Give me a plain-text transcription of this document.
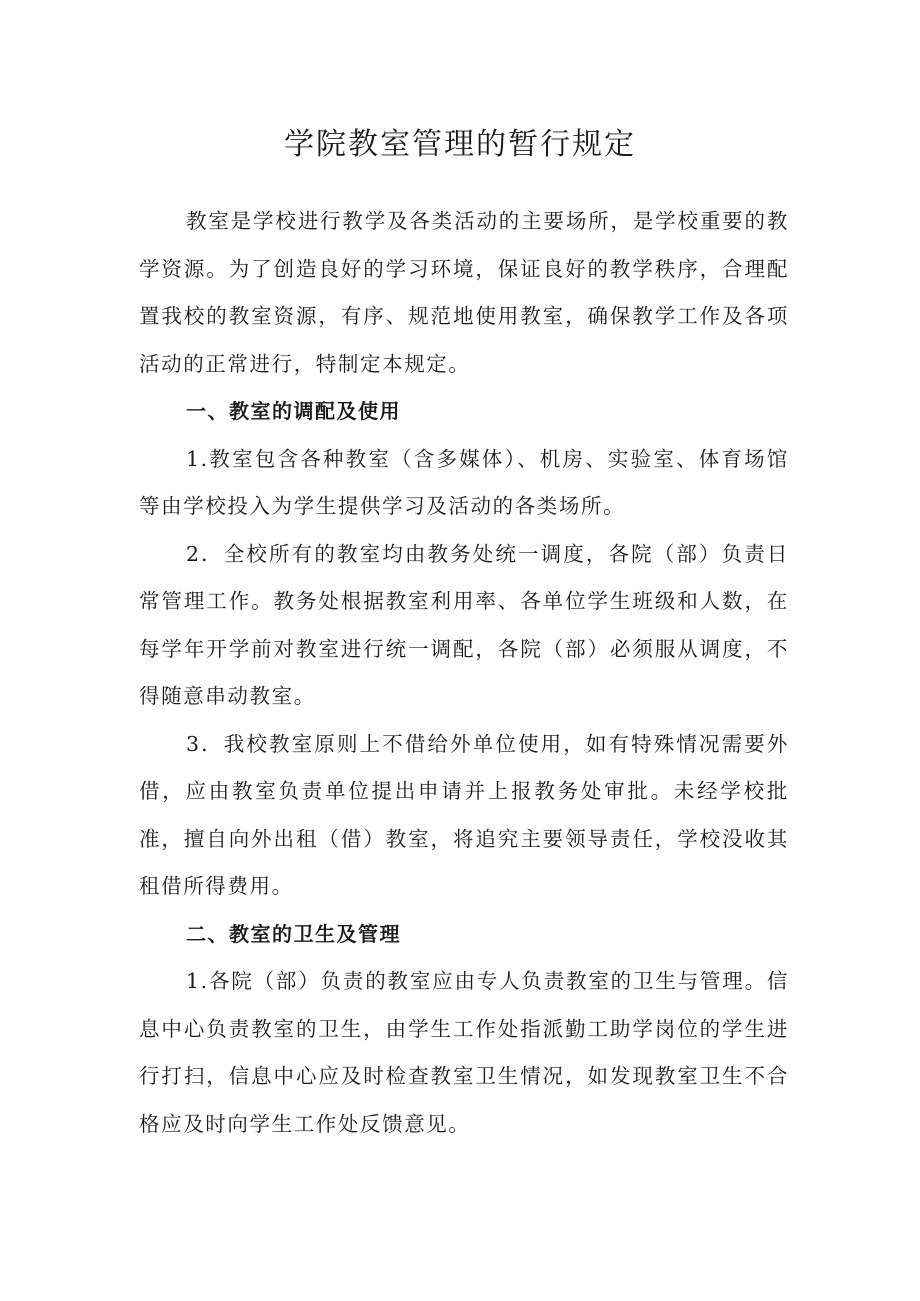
学院教室管理的暂行规定

教室是学校进行教学及各类活动的主要场所，是学校重要的教学资源。为了创造良好的学习环境，保证良好的教学秩序，合理配置我校的教室资源，有序、规范地使用教室，确保教学工作及各项活动的正常进行，特制定本规定。

一、教室的调配及使用

1.教室包含各种教室（含多媒体）、机房、实验室、体育场馆等由学校投入为学生提供学习及活动的各类场所。

2．全校所有的教室均由教务处统一调度，各院（部）负责日常管理工作。教务处根据教室利用率、各单位学生班级和人数，在每学年开学前对教室进行统一调配，各院（部）必须服从调度，不得随意串动教室。

3．我校教室原则上不借给外单位使用，如有特殊情况需要外借，应由教室负责单位提出申请并上报教务处审批。未经学校批准，擅自向外出租（借）教室，将追究主要领导责任，学校没收其租借所得费用。

二、教室的卫生及管理

1.各院（部）负责的教室应由专人负责教室的卫生与管理。信息中心负责教室的卫生，由学生工作处指派勤工助学岗位的学生进行打扫，信息中心应及时检查教室卫生情况，如发现教室卫生不合格应及时向学生工作处反馈意见。
